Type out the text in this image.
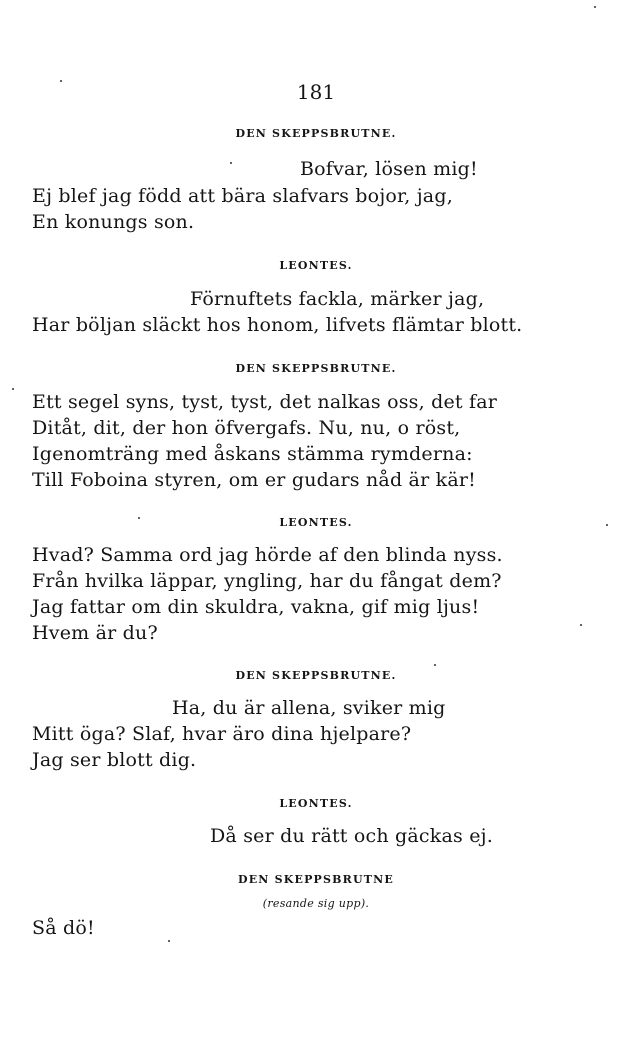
181
DEN SKEPPSBRUTNE.
Bofvar, lösen mig!
Ej blef jag född att bära slafvars bojor, jag,
En konungs son.
LEONTES.
Förnuftets fackla, märker jag,
Har böljan släckt hos honom, lifvets flämtar blott.
DEN SKEPPSBRUTNE.
Ett segel syns, tyst, tyst, det nalkas oss, det far
Ditåt, dit, der hon öfvergafs. Nu, nu, o röst,
Igenomträng med åskans stämma rymderna:
Till Foboina styren, om er gudars nåd är kär!
LEONTES.
Hvad? Samma ord jag hörde af den blinda nyss.
Från hvilka läppar, yngling, har du fångat dem?
Jag fattar om din skuldra, vakna, gif mig ljus!
Hvem är du?
DEN SKEPPSBRUTNE.
Ha, du är allena, sviker mig
Mitt öga? Slaf, hvar äro dina hjelpare?
Jag ser blott dig.
LEONTES.
Då ser du rätt och gäckas ej.
DEN SKEPPSBRUTNE
(resande sig upp).
Så dö!
